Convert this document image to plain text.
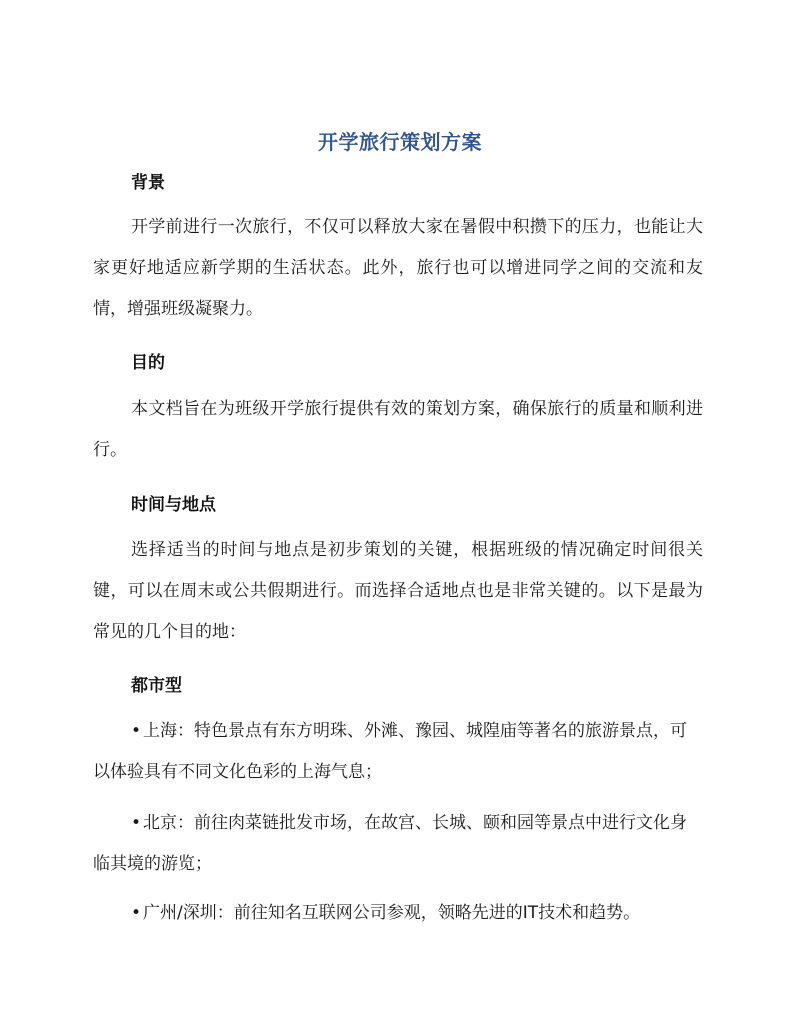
开学旅行策划方案
背景
开学前进行一次旅行，不仅可以释放大家在暑假中积攒下的压力，也能让大家更好地适应新学期的生活状态。此外，旅行也可以增进同学之间的交流和友情，增强班级凝聚力。
目的
本文档旨在为班级开学旅行提供有效的策划方案，确保旅行的质量和顺利进行。
时间与地点
选择适当的时间与地点是初步策划的关键，根据班级的情况确定时间很关键，可以在周末或公共假期进行。而选择合适地点也是非常关键的。以下是最为常见的几个目的地：
都市型
• 上海：特色景点有东方明珠、外滩、豫园、城隍庙等著名的旅游景点，可以体验具有不同文化色彩的上海气息；
• 北京：前往肉菜链批发市场，在故宫、长城、颐和园等景点中进行文化身临其境的游览；
• 广州/深圳：前往知名互联网公司参观，领略先进的IT技术和趋势。
